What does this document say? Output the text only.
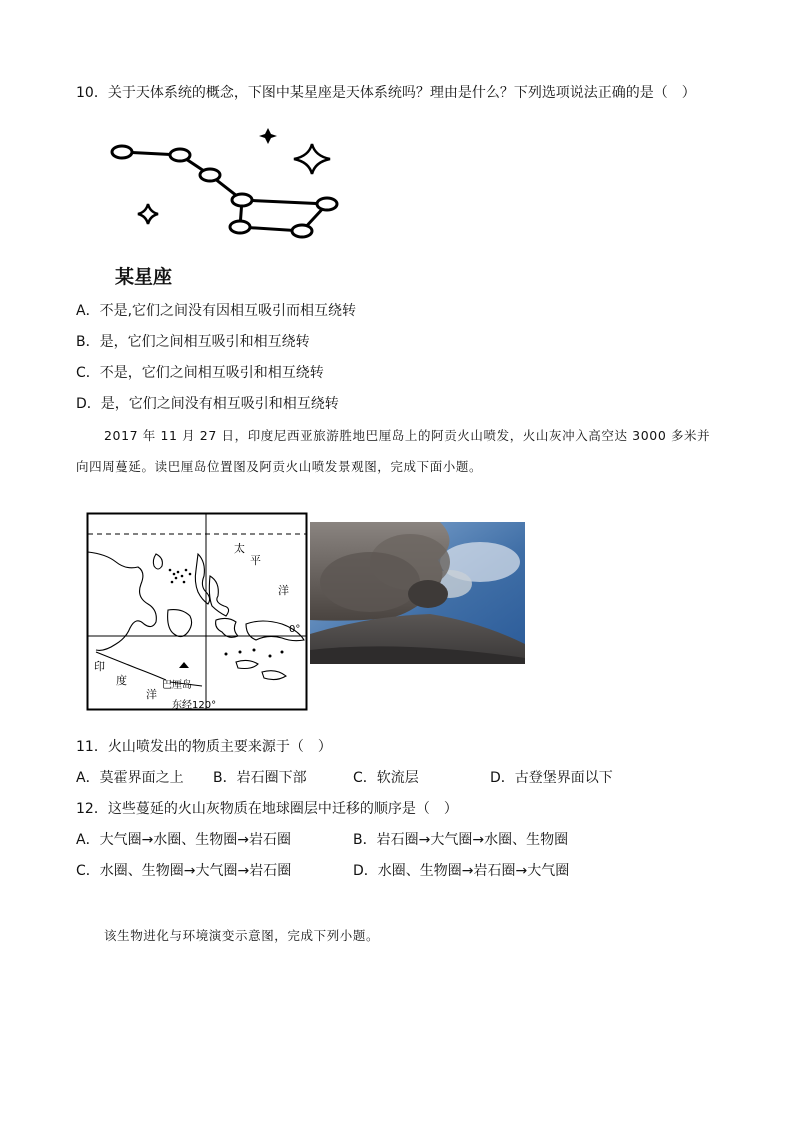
10．关于天体系统的概念，下图中某星座是天体系统吗？理由是什么？下列选项说法正确的是（　）
某星座
A．不是,它们之间没有因相互吸引而相互绕转
B．是，它们之间相互吸引和相互绕转
C．不是，它们之间相互吸引和相互绕转
D．是，它们之间没有相互吸引和相互绕转
2017 年 11 月 27 日，印度尼西亚旅游胜地巴厘岛上的阿贡火山喷发，火山灰冲入高空达 3000 多米并
向四周蔓延。读巴厘岛位置图及阿贡火山喷发景观图，完成下面小题。
太
平
洋
0°
印
度
洋
巴厘岛
东经120°
11．火山喷发出的物质主要来源于（　）
A．莫霍界面之上 B．岩石圈下部	C．软流层	D．古登堡界面以下
12．这些蔓延的火山灰物质在地球圈层中迁移的顺序是（　）
A．大气圈→水圈、生物圈→岩石圈	B．岩石圈→大气圈→水圈、生物圈
C．水圈、生物圈→大气圈→岩石圈	D．水圈、生物圈→岩石圈→大气圈
该生物进化与环境演变示意图，完成下列小题。
